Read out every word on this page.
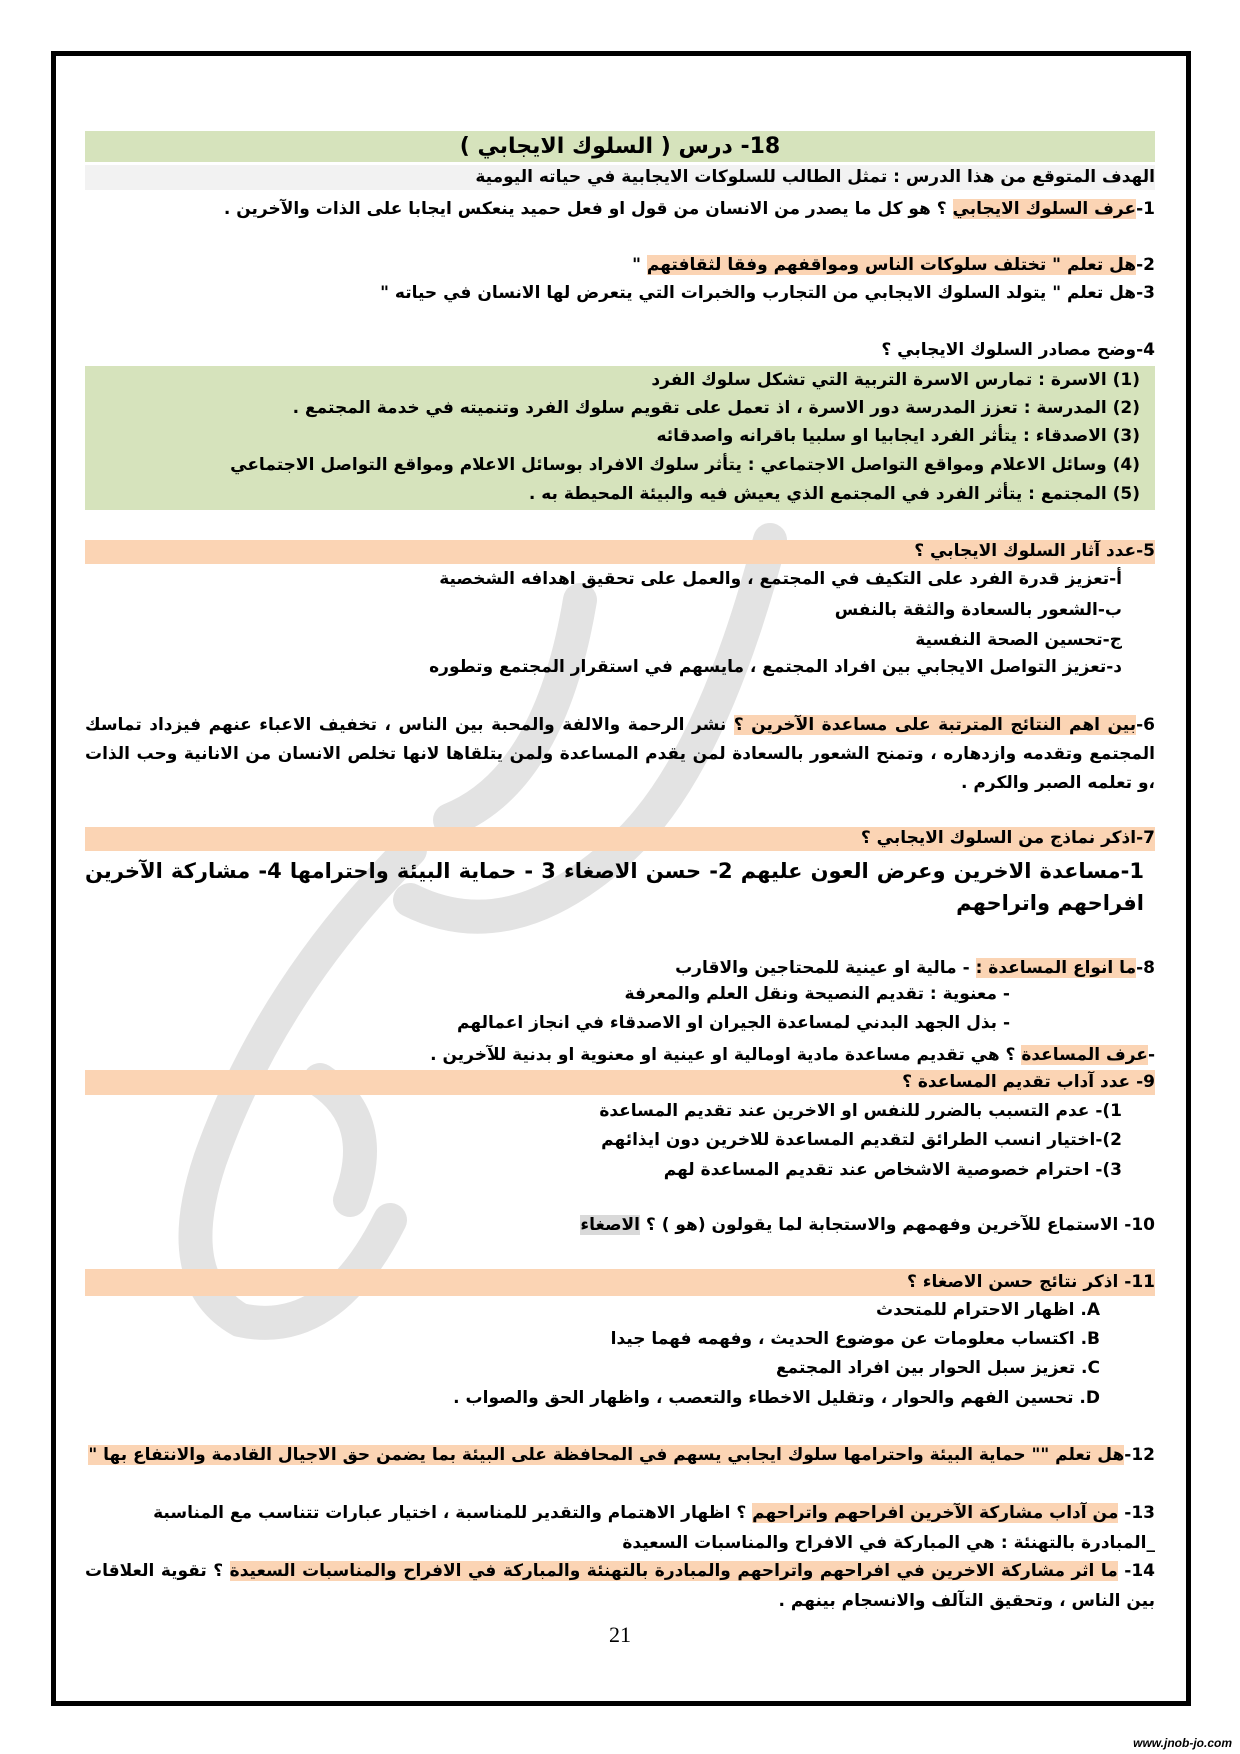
18- درس ( السلوك الايجابي )
الهدف المتوقع من هذا الدرس : تمثل الطالب للسلوكات الايجابية في حياته اليومية
1-عرف السلوك الايجابي ؟ هو كل ما يصدر من الانسان من قول او فعل حميد ينعكس ايجابا على الذات والآخرين .
2-هل تعلم " تختلف سلوكات الناس ومواقفهم وفقا لثقافتهم "
3-هل تعلم " يتولد السلوك الايجابي من التجارب والخبرات التي يتعرض لها الانسان في حياته "
4-وضح مصادر السلوك الايجابي ؟
(1) الاسرة : تمارس الاسرة التربية التي تشكل سلوك الفرد
(2) المدرسة : تعزز المدرسة دور الاسرة ، اذ تعمل على تقويم سلوك الفرد وتنميته في خدمة المجتمع .
(3) الاصدقاء : يتأثر الفرد ايجابيا او سلبيا باقرانه واصدقائه
(4) وسائل الاعلام ومواقع التواصل الاجتماعي : يتأثر سلوك الافراد بوسائل الاعلام ومواقع التواصل الاجتماعي
(5) المجتمع : يتأثر الفرد في المجتمع الذي يعيش فيه والبيئة المحيطة به .
5-عدد آثار السلوك الايجابي ؟
أ-تعزيز قدرة الفرد على التكيف في المجتمع ، والعمل على تحقيق اهدافه الشخصية
ب-الشعور بالسعادة والثقة بالنفس
ج-تحسين الصحة النفسية
د-تعزيز التواصل الايجابي بين افراد المجتمع ، مايسهم في استقرار المجتمع وتطوره
6-بين اهم النتائج المترتبة على مساعدة الآخرين ؟ نشر الرحمة والالفة والمحبة بين الناس ، تخفيف الاعباء عنهم فيزداد تماسك المجتمع وتقدمه وازدهاره ، وتمنح الشعور بالسعادة لمن يقدم المساعدة ولمن يتلقاها لانها تخلص الانسان من الانانية وحب الذات ،و تعلمه الصبر والكرم .
7-اذكر نماذج من السلوك الايجابي ؟
1-مساعدة الاخرين وعرض العون عليهم 2- حسن الاصغاء 3 - حماية البيئة واحترامها 4- مشاركة الآخرين افراحهم واتراحهم
8-ما انواع المساعدة : - مالية او عينية للمحتاجين والاقارب
- معنوية : تقديم النصيحة ونقل العلم والمعرفة
- بذل الجهد البدني لمساعدة الجيران او الاصدقاء في انجاز اعمالهم
-عرف المساعدة ؟ هي تقديم مساعدة مادية اومالية او عينية او معنوية او بدنية للآخرين .
9- عدد آداب تقديم المساعدة ؟
1)- عدم التسبب بالضرر للنفس او الاخرين عند تقديم المساعدة
2)-اختيار انسب الطرائق لتقديم المساعدة للاخرين دون ايذائهم
3)- احترام خصوصية الاشخاص عند تقديم المساعدة لهم
10- الاستماع للآخرين وفهمهم والاستجابة لما يقولون (هو ) ؟ الاصغاء
11- اذكر نتائج حسن الاصغاء ؟
A. اظهار الاحترام للمتحدث
B. اكتساب معلومات عن موضوع الحديث ، وفهمه فهما جيدا
C. تعزيز سبل الحوار بين افراد المجتمع
D. تحسين الفهم والحوار ، وتقليل الاخطاء والتعصب ، واظهار الحق والصواب .
12-هل تعلم "" حماية البيئة واحترامها سلوك ايجابي يسهم في المحافظة على البيئة بما يضمن حق الاجيال القادمة والانتفاع بها "
13- من آداب مشاركة الآخرين افراحهم واتراحهم ؟ اظهار الاهتمام والتقدير للمناسبة ، اختيار عبارات تتناسب مع المناسبة
_المبادرة بالتهنئة : هي المباركة في الافراح والمناسبات السعيدة
14- ما اثر مشاركة الاخرين في افراحهم واتراحهم والمبادرة بالتهنئة والمباركة في الافراح والمناسبات السعيدة ؟ تقوية العلاقات بين الناس ، وتحقيق التآلف والانسجام بينهم .
21
www.jnob-jo.com
